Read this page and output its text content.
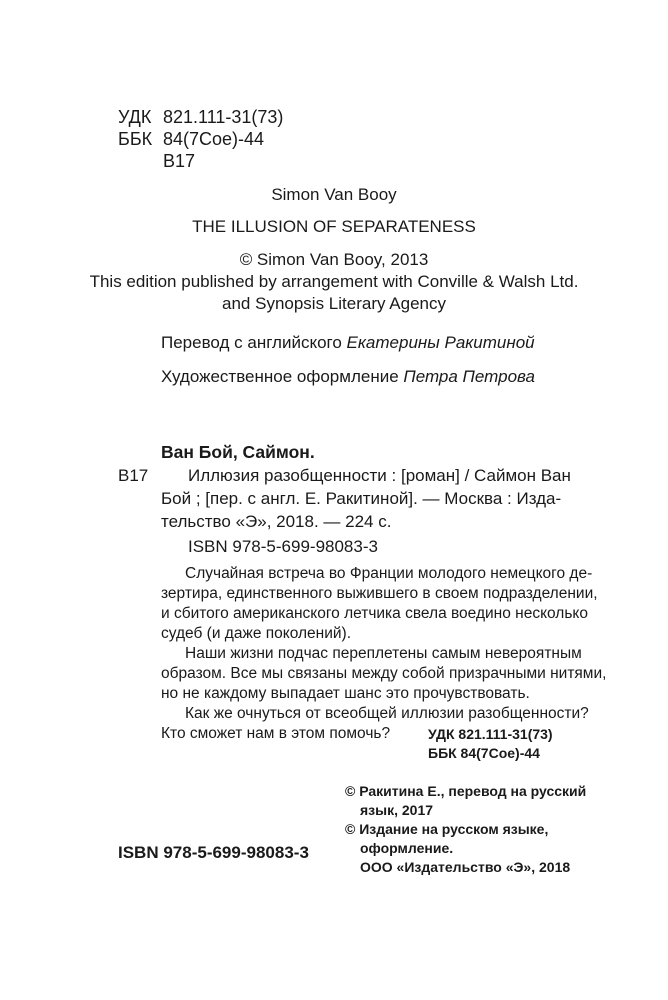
УДК 821.111-31(73)
ББК 84(7Сое)-44
В17
Simon Van Booy
THE ILLUSION OF SEPARATENESS
© Simon Van Booy, 2013
This edition published by arrangement with Conville & Walsh Ltd.
and Synopsis Literary Agency
Перевод с английского Екатерины Ракитиной
Художественное оформление Петра Петрова
Ван Бой, Саймон.
В17 Иллюзия разобщенности : [роман] / Саймон Ван
Бой ; [пер. с англ. Е. Ракитиной]. — Москва : Изда-
тельство «Э», 2018. — 224 с.
ISBN 978-5-699-98083-3
Случайная встреча во Франции молодого немецкого де-
зертира, единственного выжившего в своем подразделении,
и сбитого американского летчика свела воедино несколько
судеб (и даже поколений).
Наши жизни подчас переплетены самым невероятным
образом. Все мы связаны между собой призрачными нитями,
но не каждому выпадает шанс это прочувствовать.
Как же очнуться от всеобщей иллюзии разобщенности?
Кто сможет нам в этом помочь?	УДК 821.111-31(73)
ББК 84(7Сое)-44
ISBN 978-5-699-98083-3
© Ракитина Е., перевод на русский
язык, 2017
© Издание на русском языке,
оформление.
ООО «Издательство «Э», 2018
